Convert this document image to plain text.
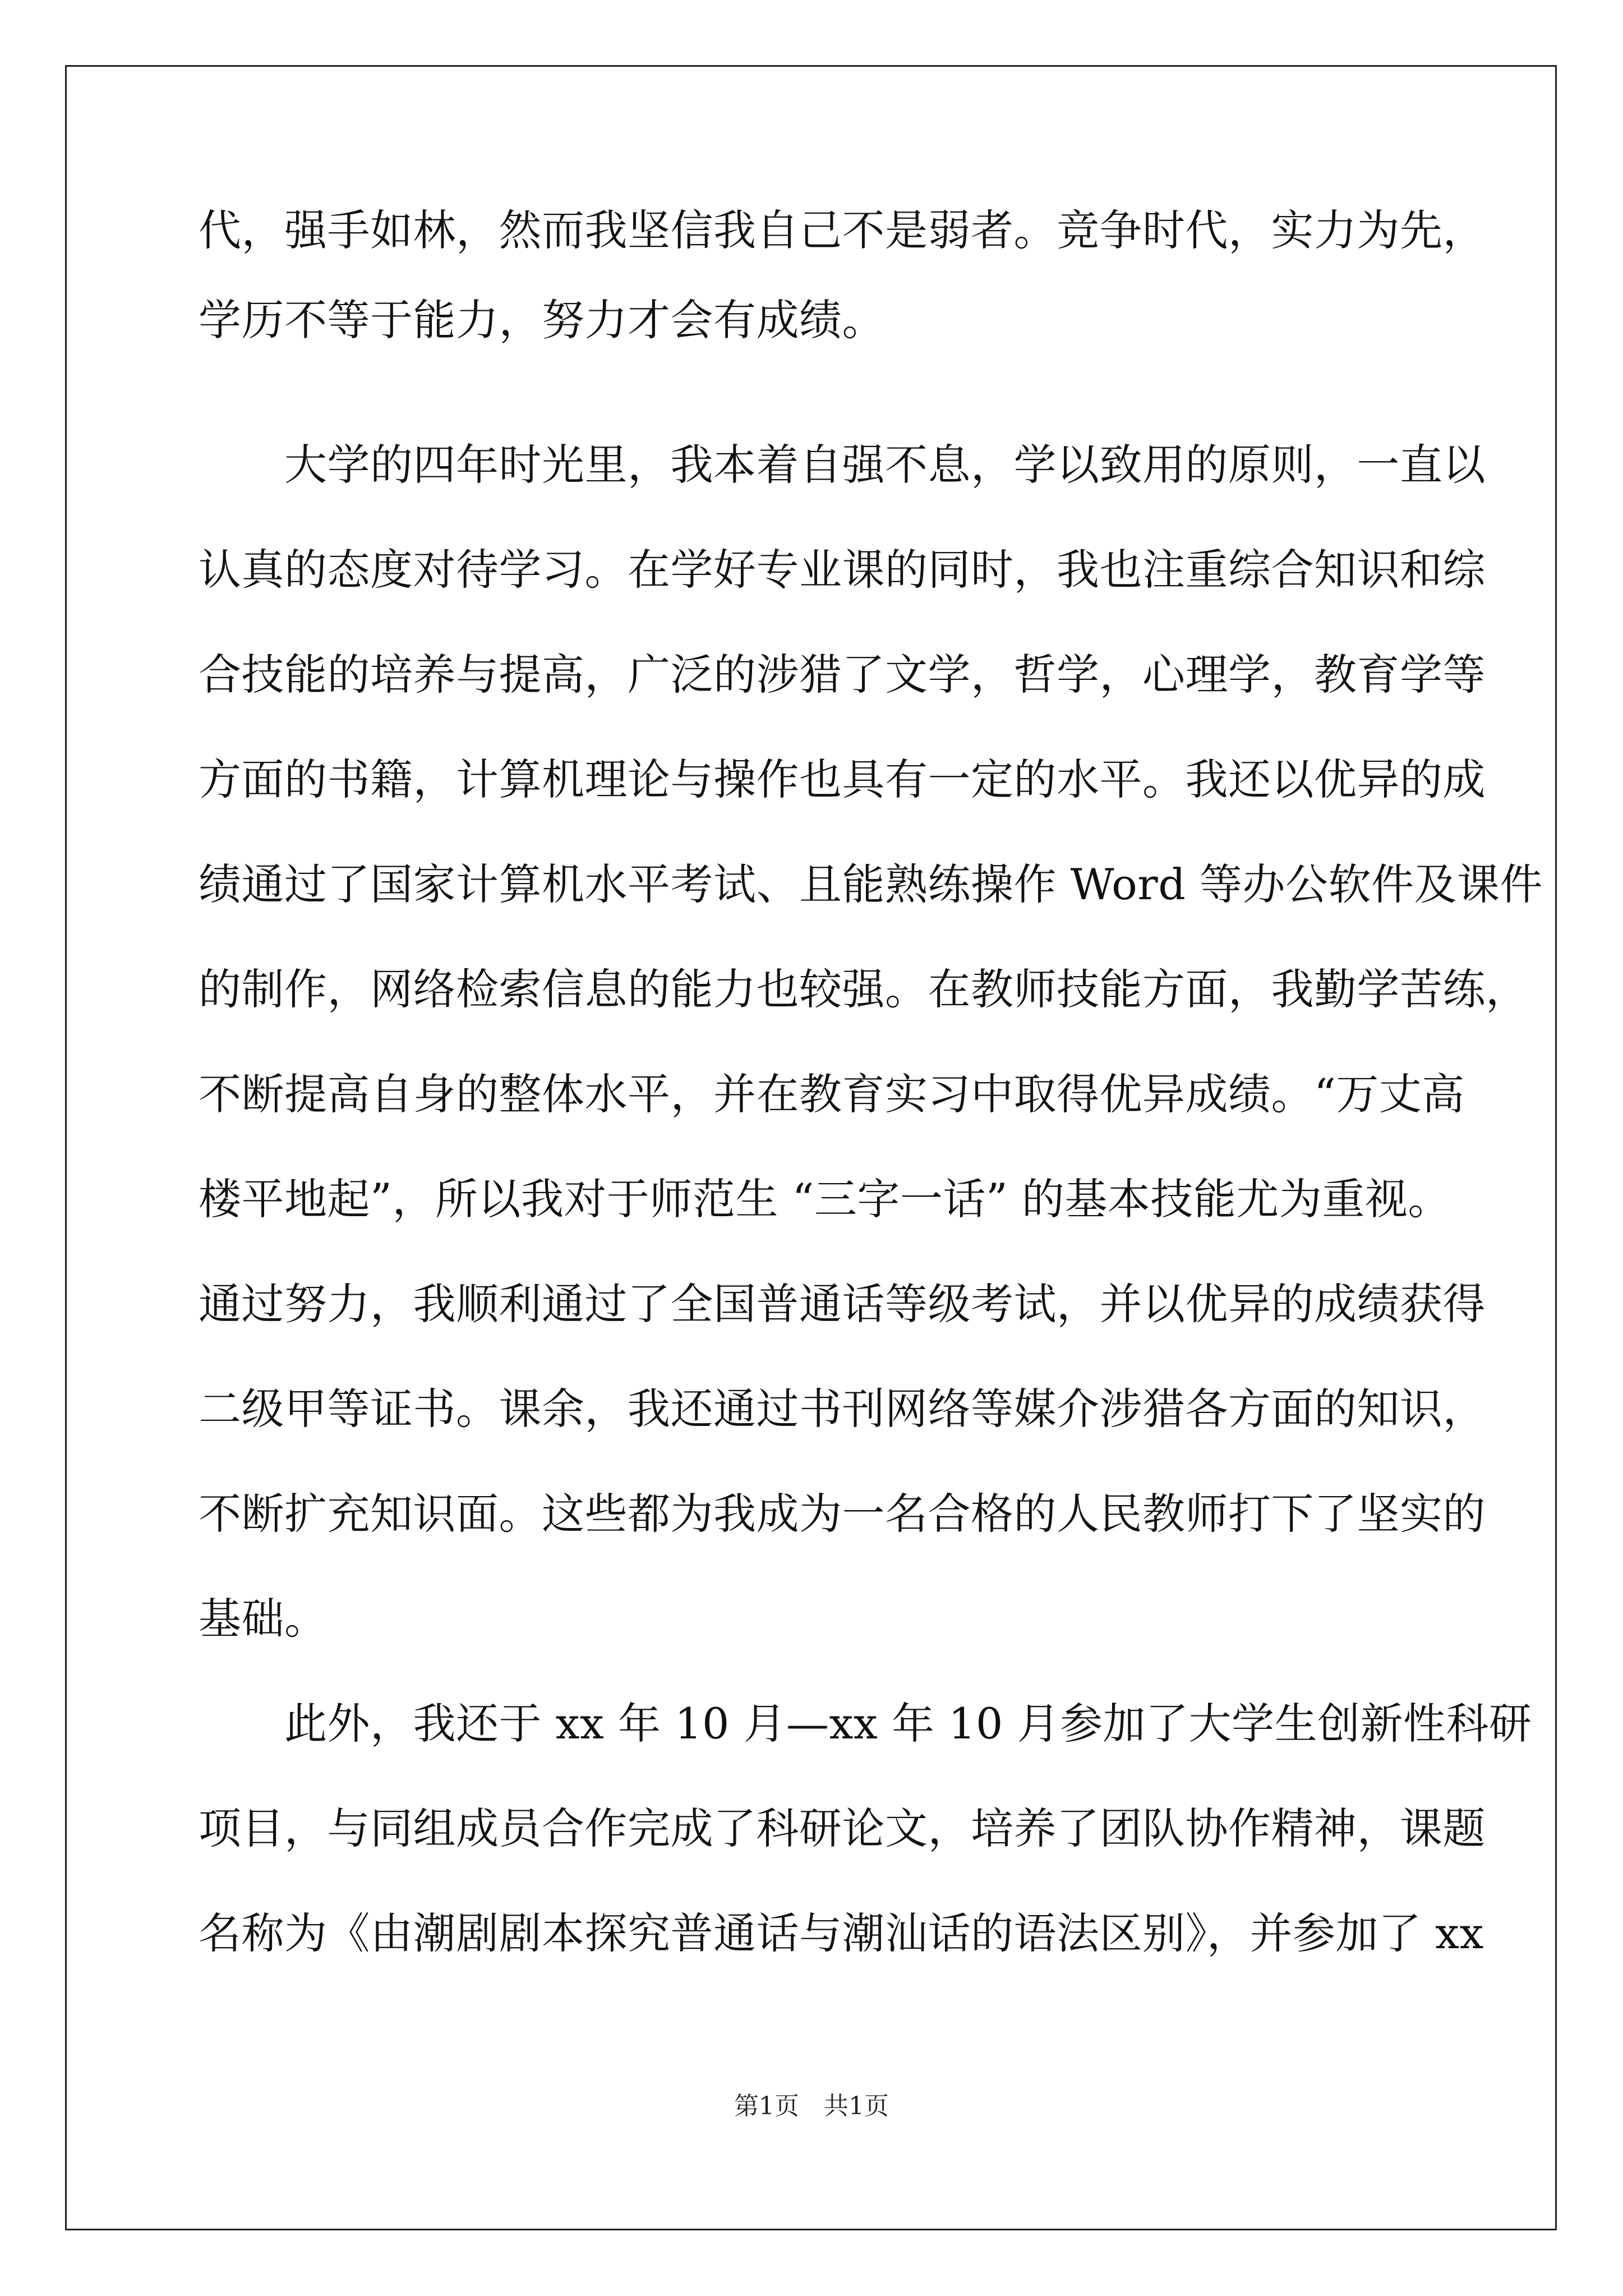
代，强手如林，然而我坚信我自己不是弱者。竞争时代，实力为先，
学历不等于能力，努力才会有成绩。
　　大学的四年时光里，我本着自强不息，学以致用的原则，一直以
认真的态度对待学习。在学好专业课的同时，我也注重综合知识和综
合技能的培养与提高，广泛的涉猎了文学，哲学，心理学，教育学等
方面的书籍，计算机理论与操作也具有一定的水平。我还以优异的成
绩通过了国家计算机水平考试、且能熟练操作 Word 等办公软件及课件
的制作，网络检索信息的能力也较强。在教师技能方面，我勤学苦练，
不断提高自身的整体水平，并在教育实习中取得优异成绩。“万丈高
楼平地起”，所以我对于师范生 “三字一话” 的基本技能尤为重视。
通过努力，我顺利通过了全国普通话等级考试，并以优异的成绩获得
二级甲等证书。课余，我还通过书刊网络等媒介涉猎各方面的知识，
不断扩充知识面。这些都为我成为一名合格的人民教师打下了坚实的
基础。
　　此外，我还于 xx 年 10 月—xx 年 10 月参加了大学生创新性科研
项目，与同组成员合作完成了科研论文，培养了团队协作精神，课题
名称为《由潮剧剧本探究普通话与潮汕话的语法区别》，并参加了 xx
第1页 共1页
